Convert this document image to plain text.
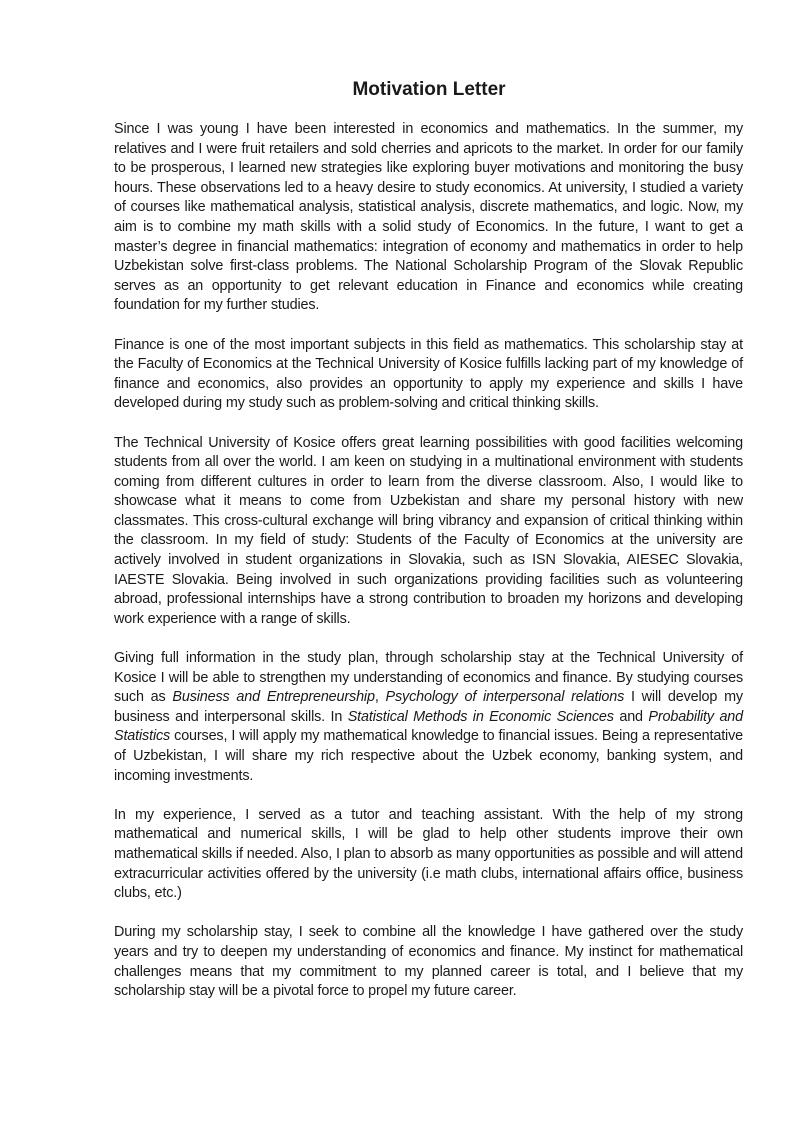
Motivation Letter

Since I was young I have been interested in economics and mathematics. In the summer, my relatives and I were fruit retailers and sold cherries and apricots to the market. In order for our family to be prosperous, I learned new strategies like exploring buyer motivations and monitoring the busy hours. These observations led to a heavy desire to study economics. At university, I studied a variety of courses like mathematical analysis, statistical analysis, discrete mathematics, and logic. Now, my aim is to combine my math skills with a solid study of Economics. In the future, I want to get a master’s degree in financial mathematics: integration of economy and mathematics in order to help Uzbekistan solve first-class problems. The National Scholarship Program of the Slovak Republic serves as an opportunity to get relevant education in Finance and economics while creating foundation for my further studies.

Finance is one of the most important subjects in this field as mathematics. This scholarship stay at the Faculty of Economics at the Technical University of Kosice fulfills lacking part of my knowledge of finance and economics, also provides an opportunity to apply my experience and skills I have developed during my study such as problem-solving and critical thinking skills.

The Technical University of Kosice offers great learning possibilities with good facilities welcoming students from all over the world. I am keen on studying in a multinational environment with students coming from different cultures in order to learn from the diverse classroom. Also, I would like to showcase what it means to come from Uzbekistan and share my personal history with new classmates. This cross-cultural exchange will bring vibrancy and expansion of critical thinking within the classroom. In my field of study: Students of the Faculty of Economics at the university are actively involved in student organizations in Slovakia, such as ISN Slovakia, AIESEC Slovakia, IAESTE Slovakia. Being involved in such organizations providing facilities such as volunteering abroad, professional internships have a strong contribution to broaden my horizons and developing work experience with a range of skills.

Giving full information in the study plan, through scholarship stay at the Technical University of Kosice I will be able to strengthen my understanding of economics and finance. By studying courses such as Business and Entrepreneurship, Psychology of interpersonal relations I will develop my business and interpersonal skills. In Statistical Methods in Economic Sciences and Probability and Statistics courses, I will apply my mathematical knowledge to financial issues. Being a representative of Uzbekistan, I will share my rich respective about the Uzbek economy, banking system, and incoming investments.

In my experience, I served as a tutor and teaching assistant. With the help of my strong mathematical and numerical skills, I will be glad to help other students improve their own mathematical skills if needed. Also, I plan to absorb as many opportunities as possible and will attend extracurricular activities offered by the university (i.e math clubs, international affairs office, business clubs, etc.)

During my scholarship stay, I seek to combine all the knowledge I have gathered over the study years and try to deepen my understanding of economics and finance. My instinct for mathematical challenges means that my commitment to my planned career is total, and I believe that my scholarship stay will be a pivotal force to propel my future career.
